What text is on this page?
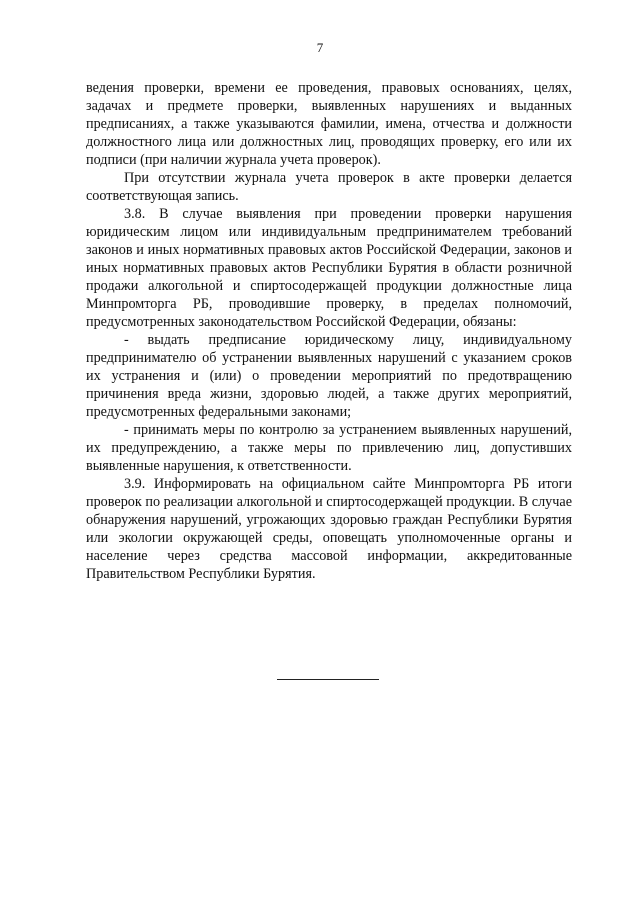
7

ведения проверки, времени ее проведения, правовых основаниях, целях, задачах и предмете проверки, выявленных нарушениях и выданных предписаниях, а также указываются фамилии, имена, отчества и должности должностного лица или должностных лиц, проводящих проверку, его или их подписи (при наличии журнала учета проверок).

При отсутствии журнала учета проверок в акте проверки делается соответствующая запись.

3.8. В случае выявления при проведении проверки нарушения юридическим лицом или индивидуальным предпринимателем требований законов и иных нормативных правовых актов Российской Федерации, законов и иных нормативных правовых актов Республики Бурятия в области розничной продажи алкогольной и спиртосодержащей продукции должностные лица Минпромторга РБ, проводившие проверку, в пределах полномочий, предусмотренных законодательством Российской Федерации, обязаны:

- выдать предписание юридическому лицу, индивидуальному предпринимателю об устранении выявленных нарушений с указанием сроков их устранения и (или) о проведении мероприятий по предотвращению причинения вреда жизни, здоровью людей, а также других мероприятий, предусмотренных федеральными законами;

- принимать меры по контролю за устранением выявленных нарушений, их предупреждению, а также меры по привлечению лиц, допустивших выявленные нарушения, к ответственности.

3.9. Информировать на официальном сайте Минпромторга РБ итоги проверок по реализации алкогольной и спиртосодержащей продукции. В случае обнаружения нарушений, угрожающих здоровью граждан Республики Бурятия или экологии окружающей среды, оповещать уполномоченные органы и население через средства массовой информации, аккредитованные Правительством Республики Бурятия.
